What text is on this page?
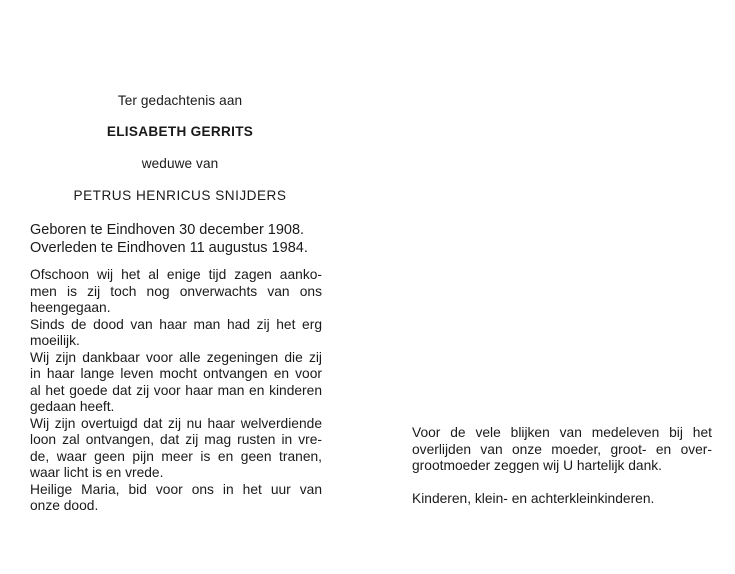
Ter gedachtenis aan
ELISABETH GERRITS
weduwe van
PETRUS HENRICUS SNIJDERS
Geboren te Eindhoven 30 december 1908.
Overleden te Eindhoven 11 augustus 1984.
Ofschoon wij het al enige tijd zagen aanko-
men is zij toch nog onverwachts van ons
heengegaan.
Sinds de dood van haar man had zij het erg
moeilijk.
Wij zijn dankbaar voor alle zegeningen die zij
in haar lange leven mocht ontvangen en voor
al het goede dat zij voor haar man en kinderen
gedaan heeft.
Wij zijn overtuigd dat zij nu haar welverdiende
loon zal ontvangen, dat zij mag rusten in vre-
de, waar geen pijn meer is en geen tranen,
waar licht is en vrede.
Heilige Maria, bid voor ons in het uur van
onze dood.
Voor de vele blijken van medeleven bij het
overlijden van onze moeder, groot- en over-
grootmoeder zeggen wij U hartelijk dank.
Kinderen, klein- en achterkleinkinderen.
